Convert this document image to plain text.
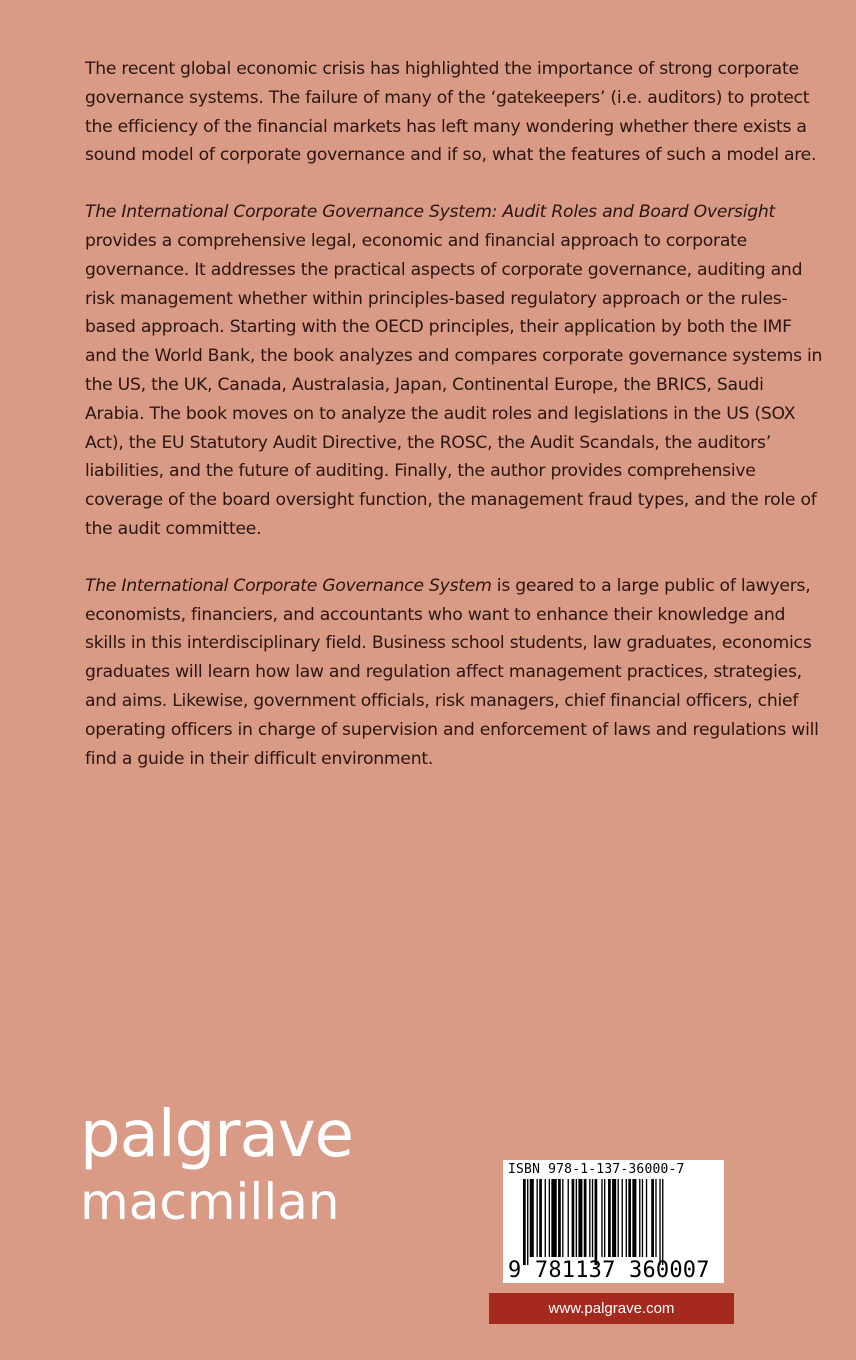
The recent global economic crisis has highlighted the importance of strong corporate governance systems. The failure of many of the ‘gatekeepers’ (i.e. auditors) to protect the efficiency of the financial markets has left many wondering whether there exists a sound model of corporate governance and if so, what the features of such a model are.

The International Corporate Governance System: Audit Roles and Board Oversight provides a comprehensive legal, economic and financial approach to corporate governance. It addresses the practical aspects of corporate governance, auditing and risk management whether within principles-based regulatory approach or the rules-based approach. Starting with the OECD principles, their application by both the IMF and the World Bank, the book analyzes and compares corporate governance systems in the US, the UK, Canada, Australasia, Japan, Continental Europe, the BRICS, Saudi Arabia. The book moves on to analyze the audit roles and legislations in the US (SOX Act), the EU Statutory Audit Directive, the ROSC, the Audit Scandals, the auditors’ liabilities, and the future of auditing. Finally, the author provides comprehensive coverage of the board oversight function, the management fraud types, and the role of the audit committee.

The International Corporate Governance System is geared to a large public of lawyers, economists, financiers, and accountants who want to enhance their knowledge and skills in this interdisciplinary field. Business school students, law graduates, economics graduates will learn how law and regulation affect management practices, strategies, and aims. Likewise, government officials, risk managers, chief financial officers, chief operating officers in charge of supervision and enforcement of laws and regulations will find a guide in their difficult environment.

palgrave
macmillan
ISBN 978-1-137-36000-7
9 781137 360007
www.palgrave.com
